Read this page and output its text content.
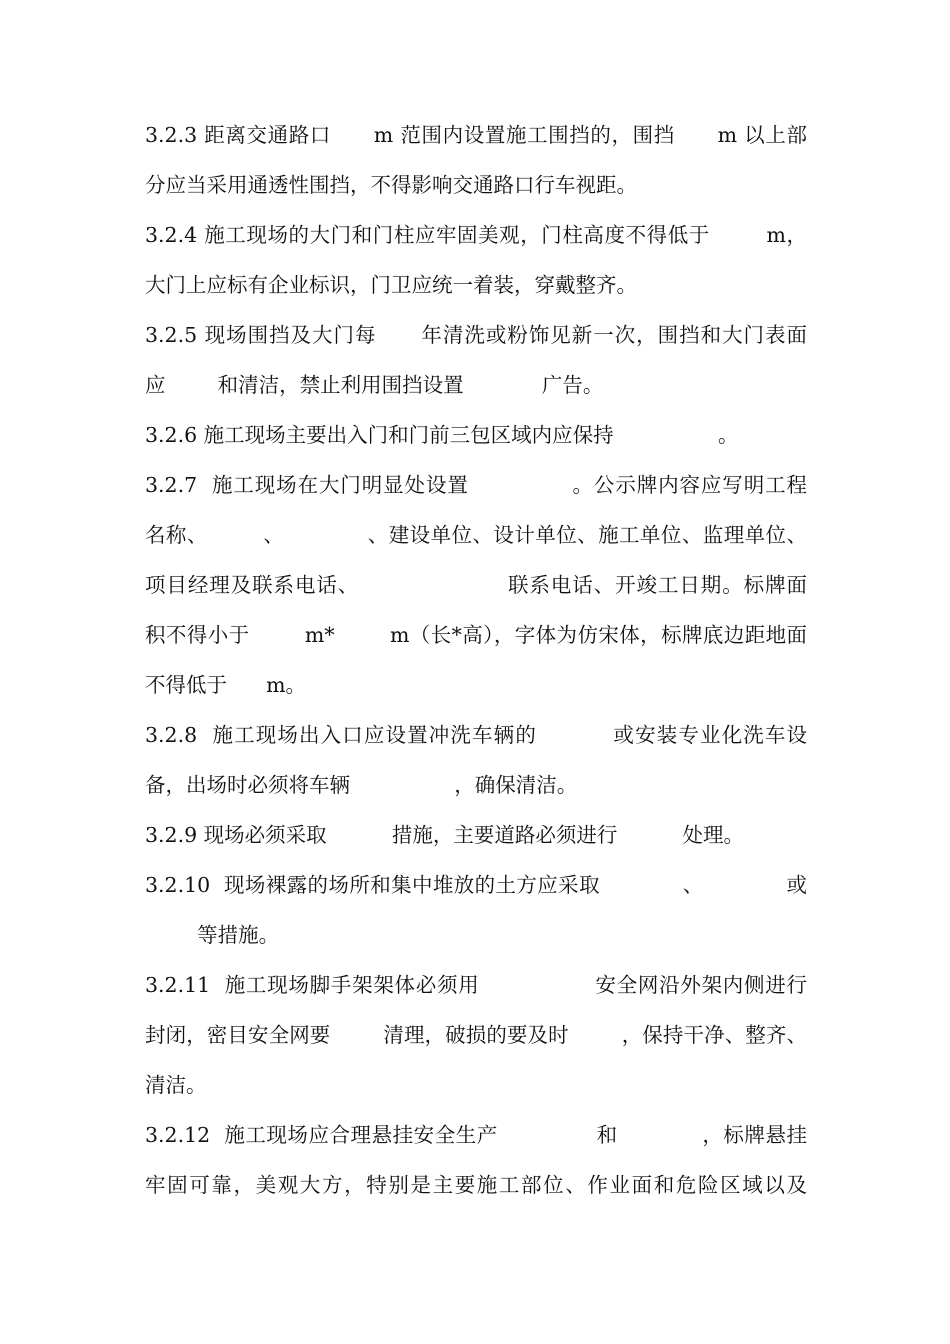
3.2.3 距离交通路口      m 范围内设置施工围挡的，围挡      m 以上部
分应当采用通透性围挡，不得影响交通路口行车视距。
3.2.4 施工现场的大门和门柱应牢固美观，门柱高度不得低于        m，
大门上应标有企业标识，门卫应统一着装，穿戴整齐。
3.2.5 现场围挡及大门每      年清洗或粉饰见新一次，围挡和大门表面
应        和清洁，禁止利用围挡设置            广告。
3.2.6 施工现场主要出入门和门前三包区域内应保持                。
3.2.7  施工现场在大门明显处设置              。公示牌内容应写明工程
名称、        、            、建设单位、设计单位、施工单位、监理单位、
项目经理及联系电话、                    联系电话、开竣工日期。标牌面
积不得小于        m*        m（长*高），字体为仿宋体，标牌底边距地面
不得低于      m。
3.2.8  施工现场出入口应设置冲洗车辆的          或安装专业化洗车设
备，出场时必须将车辆                ，确保清洁。
3.2.9 现场必须采取          措施，主要道路必须进行          处理。
3.2.10  现场裸露的场所和集中堆放的土方应采取            、            或
等措施。
3.2.11  施工现场脚手架架体必须用                安全网沿外架内侧进行
封闭，密目安全网要        清理，破损的要及时        ，保持干净、整齐、
清洁。
3.2.12  施工现场应合理悬挂安全生产              和            ，标牌悬挂
牢固可靠，美观大方，特别是主要施工部位、作业面和危险区域以及
